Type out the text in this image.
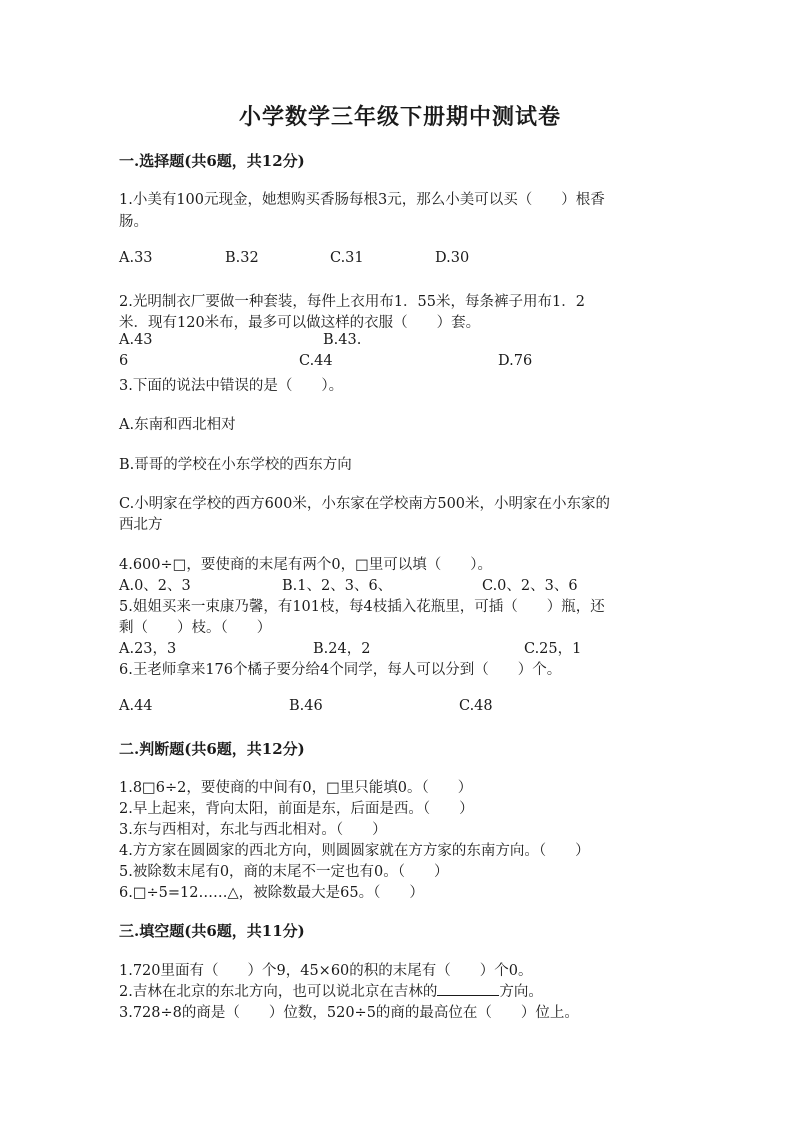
小学数学三年级下册期中测试卷
一.选择题(共6题，共12分)
1.小美有100元现金，她想购买香肠每根3元，那么小美可以买（　　）根香
肠。
A.33	B.32	C.31	D.30
2.光明制衣厂要做一种套装，每件上衣用布1．55米，每条裤子用布1．2
米．现有120米布，最多可以做这样的衣服（　　）套。
A.43	B.43.
6	C.44	D.76
3.下面的说法中错误的是（　　）。
A.东南和西北相对
B.哥哥的学校在小东学校的西东方向
C.小明家在学校的西方600米，小东家在学校南方500米，小明家在小东家的
西北方
4.600÷□，要使商的末尾有两个0，□里可以填（　　）。
A.0、2、3	B.1、2、3、6、	C.0、2、3、6
5.姐姐买来一束康乃馨，有101枝，每4枝插入花瓶里，可插（　　）瓶，还
剩（　　）枝。（　　）
A.23，3	B.24，2	C.25，1
6.王老师拿来176个橘子要分给4个同学，每人可以分到（　　）个。
A.44	B.46	C.48
二.判断题(共6题，共12分)
1.8□6÷2，要使商的中间有0，□里只能填0。（　　）
2.早上起来，背向太阳，前面是东，后面是西。（　　）
3.东与西相对，东北与西北相对。（　　）
4.方方家在圆圆家的西北方向，则圆圆家就在方方家的东南方向。（　　）
5.被除数末尾有0，商的末尾不一定也有0。（　　）
6.□÷5=12……△，被除数最大是65。（　　）
三.填空题(共6题，共11分)
1.720里面有（　　）个9，45×60的积的末尾有（　　）个0。
2.吉林在北京的东北方向，也可以说北京在吉林的	方向。
3.728÷8的商是（　　）位数，520÷5的商的最高位在（　　）位上。
